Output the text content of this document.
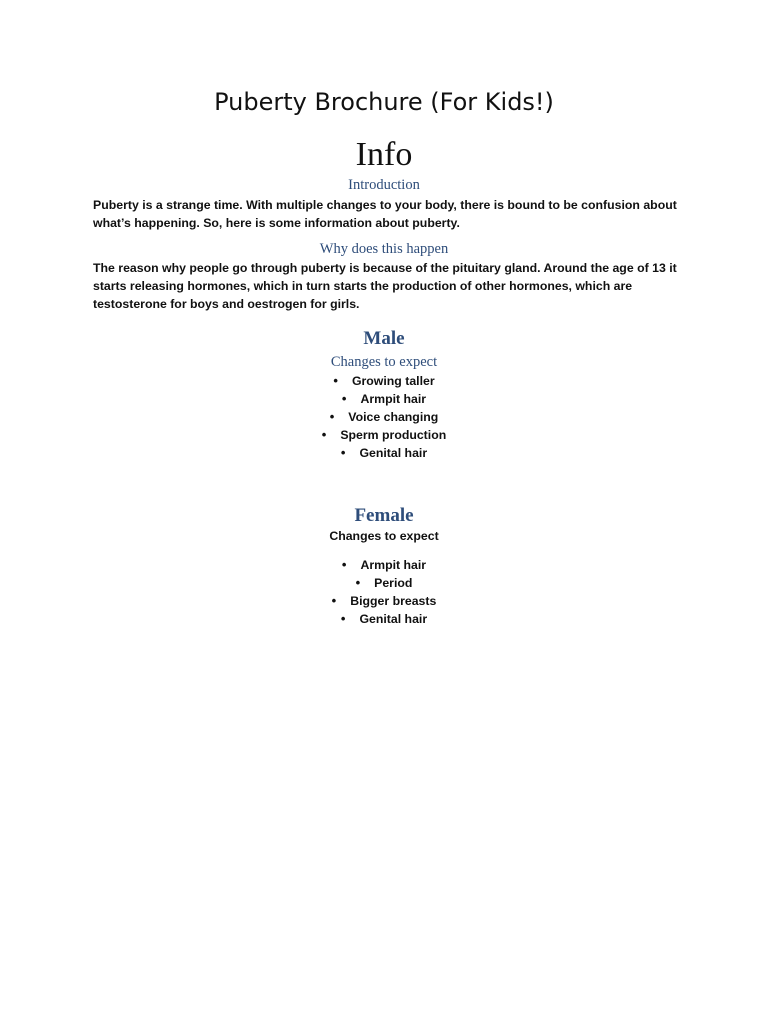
Puberty Brochure (For Kids!)
Info
Introduction
Puberty is a strange time. With multiple changes to your body, there is bound to be confusion about
what’s happening. So, here is some information about puberty.
Why does this happen
The reason why people go through puberty is because of the pituitary gland. Around the age of 13 it
starts releasing hormones, which in turn starts the production of other hormones, which are
testosterone for boys and oestrogen for girls.
Male
Changes to expect
• Growing taller
• Armpit hair
• Voice changing
• Sperm production
• Genital hair
Female
Changes to expect
• Armpit hair
• Period
• Bigger breasts
• Genital hair
